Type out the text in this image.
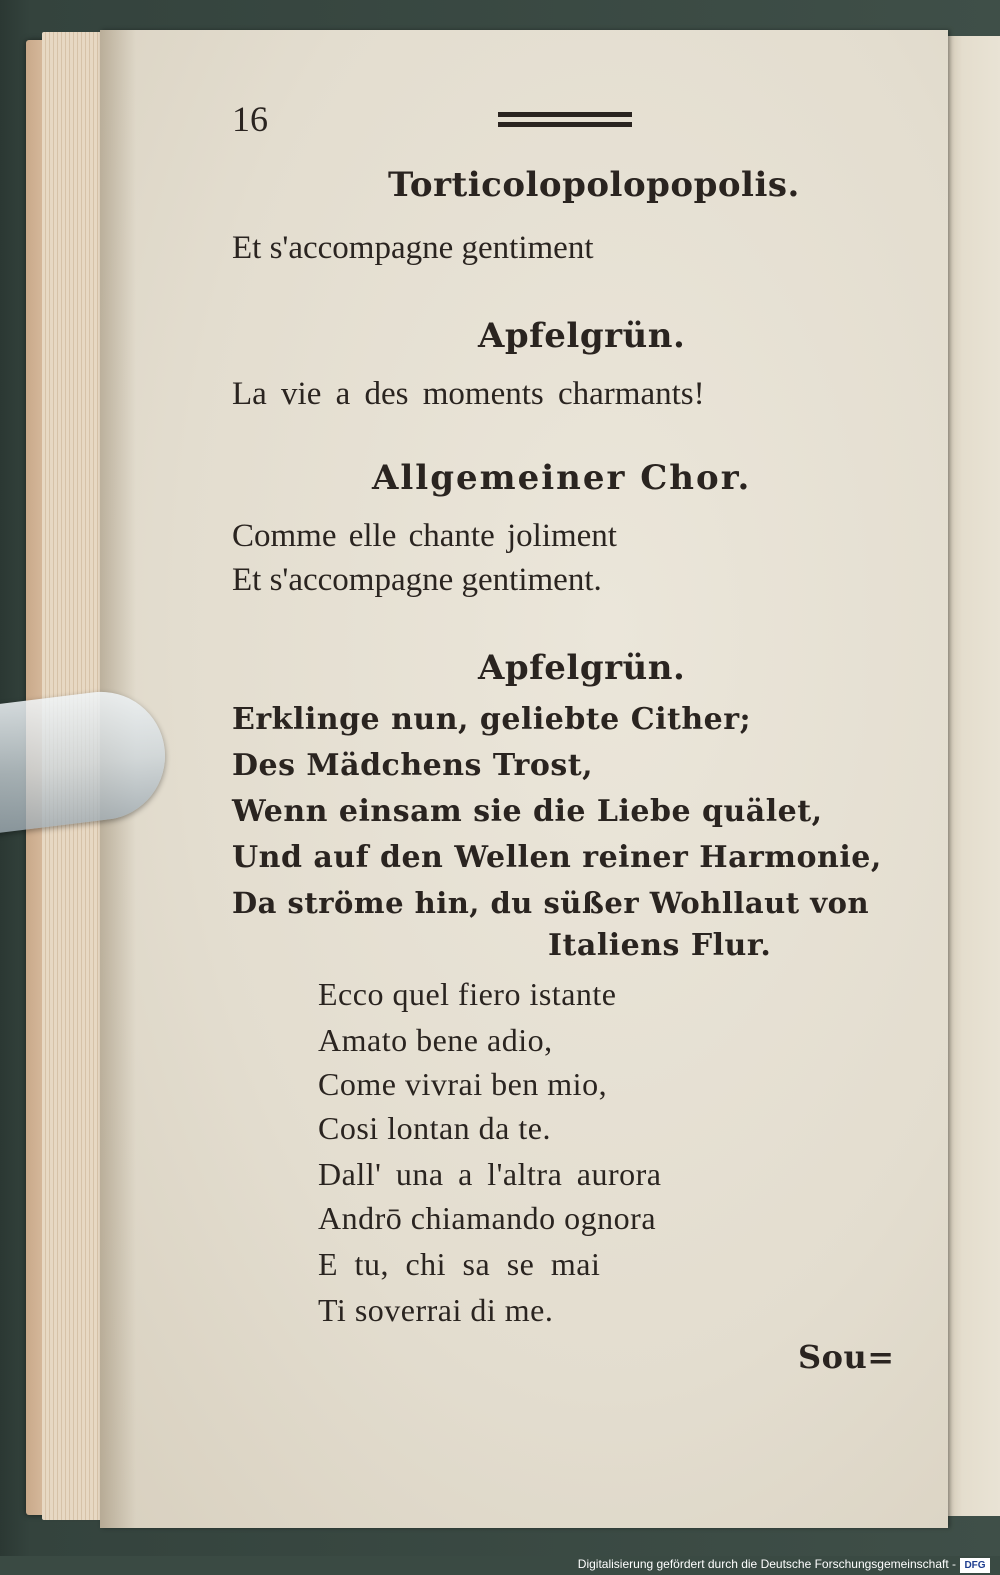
16
Torticolopolopopolis.
Et s'accompagne gentiment
Apfelgrün.
La vie a des moments charmants!
Allgemeiner Chor.
Comme elle chante joliment
Et s'accompagne gentiment.
Apfelgrün.
Erklinge nun, geliebte Cither;
Des Mädchens Trost,
Wenn einsam sie die Liebe quälet,
Und auf den Wellen reiner Harmonie,
Da ströme hin, du süßer Wohllaut von
Italiens Flur.
Ecco quel fiero istante
Amato bene adio,
Come vivrai ben mio,
Cosi lontan da te.
Dall' una a l'altra aurora
Andrō chiamando ognora
E tu, chi sa se mai
Ti soverrai di me.
Sou=
Digitalisierung gefördert durch die Deutsche Forschungsgemeinschaft - DFG
